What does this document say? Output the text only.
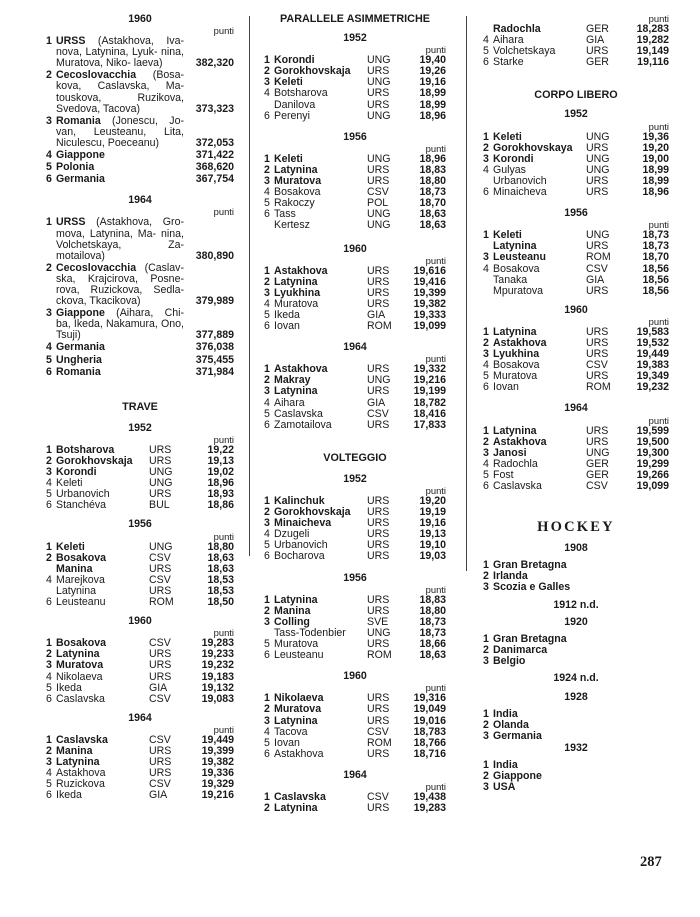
1960
punti
1 URSS (Astakhova, Iva- nova, Latynina, Lyuk- nina, Muratova, Niko- laeva)	382,320
2 Cecoslovacchia (Bosa- kova, Caslavska, Ma- touskova, Ruzikova, Svedova, Tacova)	373,323
3 Romania (Jonescu, Jo- van, Leusteanu, Lita, Niculescu, Poeceanu)	372,053
4 Giappone	371,422
5 Polonia	368,620
6 Germania	367,754
1964
punti
1 URSS (Astakhova, Gro- mova, Latynina, Ma- nina, Volchetskaya, Za- motailova)	380,890
2 Cecoslovacchia (Caslav- ska, Krajcirova, Posne- rova, Ruzickova, Sedla- ckova, Tkacikova)	379,989
3 Giappone (Aihara, Chi- ba, Ikeda, Nakamura, Ono, Tsuji)	377,889
4 Germania	376,038
5 Ungheria	375,455
6 Romania	371,984
TRAVE
1952
punti
1 Botsharova	URS	19,22
2 Gorokhovskaja	URS	19,13
3 Korondi	UNG	19,02
4 Keleti	UNG	18,96
5 Urbanovich	URS	18,93
6 Stanchéva	BUL	18,86
1956
punti
1 Keleti	UNG	18,80
2 Bosakova	CSV	18,63
Manina	URS	18,63
4 Marejkova	CSV	18,53
Latynina	URS	18,53
6 Leusteanu	ROM	18,50
1960
punti
1 Bosakova	CSV	19,283
2 Latynina	URS	19,233
3 Muratova	URS	19,232
4 Nikolaeva	URS	19,183
5 Ikeda	GIA	19,132
6 Caslavska	CSV	19,083
1964
punti
1 Caslavska	CSV	19,449
2 Manina	URS	19,399
3 Latynina	URS	19,382
4 Astakhova	URS	19,336
5 Ruzickova	CSV	19,329
6 Ikeda	GIA	19,216
PARALLELE ASIMMETRICHE
1952
punti
1 Korondi	UNG	19,40
2 Gorokhovskaja	URS	19,26
3 Keleti	UNG	19,16
4 Botsharova	URS	18,99
Danilova	URS	18,99
6 Perenyi	UNG	18,96
1956
punti
1 Keleti	UNG	18,96
2 Latynina	URS	18,83
3 Muratova	URS	18,80
4 Bosakova	CSV	18,73
5 Rakoczy	POL	18,70
6 Tass	UNG	18,63
Kertesz	UNG	18,63
1960
punti
1 Astakhova	URS	19,616
2 Latynina	URS	19,416
3 Lyukhina	URS	19,399
4 Muratova	URS	19,382
5 Ikeda	GIA	19,333
6 Iovan	ROM	19,099
1964
punti
1 Astakhova	URS	19,332
2 Makray	UNG	19,216
3 Latynina	URS	19,199
4 Aihara	GIA	18,782
5 Caslavska	CSV	18,416
6 Zamotailova	URS	17,833
VOLTEGGIO
1952
punti
1 Kalinchuk	URS	19,20
2 Gorokhovskaja	URS	19,19
3 Minaicheva	URS	19,16
4 Dzugeli	URS	19,13
5 Urbanovich	URS	19,10
6 Bocharova	URS	19,03
1956
punti
1 Latynina	URS	18,83
2 Manina	URS	18,80
3 Colling	SVE	18,73
Tass-Todenbier	UNG	18,73
5 Muratova	URS	18,66
6 Leusteanu	ROM	18,63
1960
punti
1 Nikolaeva	URS	19,316
2 Muratova	URS	19,049
3 Latynina	URS	19,016
4 Tacova	CSV	18,783
5 Iovan	ROM	18,766
6 Astakhova	URS	18,716
1964
punti
1 Caslavska	CSV	19,438
2 Latynina	URS	19,283
punti
Radochla	GER	18,283
4 Aihara	GIA	19,282
5 Volchetskaya	URS	19,149
6 Starke	GER	19,116
CORPO LIBERO
1952
punti
1 Keleti	UNG	19,36
2 Gorokhovskaya	URS	19,20
3 Korondi	UNG	19,00
4 Gulyas	UNG	18,99
Urbanovich	URS	18,99
6 Minaicheva	URS	18,96
1956
punti
1 Keleti	UNG	18,73
Latynina	URS	18,73
3 Leusteanu	ROM	18,70
4 Bosakova	CSV	18,56
Tanaka	GIA	18,56
Mpuratova	URS	18,56
1960
punti
1 Latynina	URS	19,583
2 Astakhova	URS	19,532
3 Lyukhina	URS	19,449
4 Bosakova	CSV	19,383
5 Muratova	URS	19,349
6 Iovan	ROM	19,232
1964
punti
1 Latynina	URS	19,599
2 Astakhova	URS	19,500
3 Janosi	UNG	19,300
4 Radochla	GER	19,299
5 Fost	GER	19,266
6 Caslavska	CSV	19,099
HOCKEY
1908
1 Gran Bretagna
2 Irlanda
3 Scozia e Galles
1912 n.d.
1920
1 Gran Bretagna
2 Danimarca
3 Belgio
1924 n.d.
1928
1 India
2 Olanda
3 Germania
1932
1 India
2 Giappone
3 USA
287
